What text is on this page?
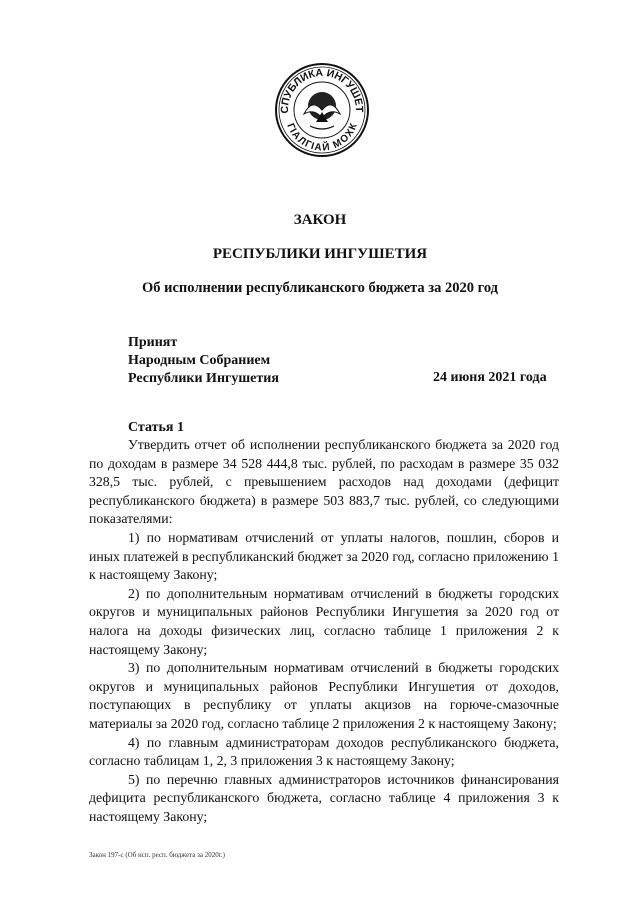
СПУБЛИКА ИНГУШЕТ
ГIАЛГIАЙ МОХК
ЗАКОН
РЕСПУБЛИКИ ИНГУШЕТИЯ
Об исполнении республиканского бюджета за 2020 год
Принят
Народным Собранием
Республики Ингушетия	24 июня 2021 года
Статья 1

Утвердить отчет об исполнении республиканского бюджета за 2020 год по доходам в размере 34 528 444,8 тыс. рублей, по расходам в размере 35 032 328,5 тыс. рублей, с превышением расходов над доходами (дефицит республиканского бюджета) в размере 503 883,7 тыс. рублей, со следующими показателями:

1) по нормативам отчислений от уплаты налогов, пошлин, сборов и иных платежей в республиканский бюджет за 2020 год, согласно приложению 1 к настоящему Закону;

2) по дополнительным нормативам отчислений в бюджеты городских округов и муниципальных районов Республики Ингушетия за 2020 год от налога на доходы физических лиц, согласно таблице 1 приложения 2 к настоящему Закону;

3) по дополнительным нормативам отчислений в бюджеты городских округов и муниципальных районов Республики Ингушетия от доходов, поступающих в республику от уплаты акцизов на горюче-смазочные материалы за 2020 год, согласно таблице 2 приложения 2 к настоящему Закону;

4) по главным администраторам доходов республиканского бюджета, согласно таблицам 1, 2, 3 приложения 3 к настоящему Закону;

5) по перечню главных администраторов источников финансирования дефицита республиканского бюджета, согласно таблице 4 приложения 3 к настоящему Закону;

Закон 197-с (Об исп. респ. бюджета за 2020г.)
